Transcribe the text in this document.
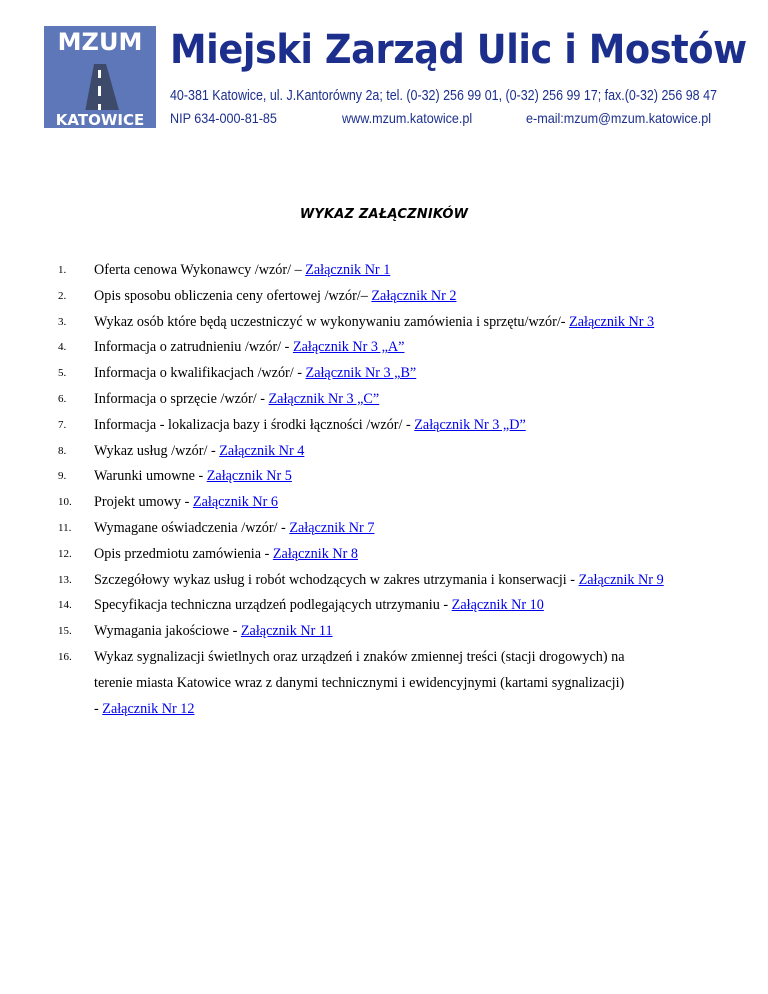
MZUM
KATOWICE
Miejski Zarząd Ulic i Mostów
40-381 Katowice, ul. J.Kantorówny 2a; tel. (0-32) 256 99 01, (0-32) 256 99 17; fax.(0-32) 256 98 47
NIP 634-000-81-85	www.mzum.katowice.pl	e-mail:mzum@mzum.katowice.pl
WYKAZ ZAŁĄCZNIKÓW
1. Oferta cenowa Wykonawcy /wzór/ – Załącznik Nr 1
2. Opis sposobu obliczenia ceny ofertowej /wzór/– Załącznik Nr 2
3. Wykaz osób które będą uczestniczyć w wykonywaniu zamówienia i sprzętu/wzór/- Załącznik Nr 3
4. Informacja o zatrudnieniu /wzór/ - Załącznik Nr 3 „A”
5. Informacja o kwalifikacjach /wzór/ - Załącznik Nr 3 „B”
6. Informacja o sprzęcie /wzór/ - Załącznik Nr 3 „C”
7. Informacja - lokalizacja bazy i środki łączności /wzór/ - Załącznik Nr 3 „D”
8. Wykaz usług /wzór/ - Załącznik Nr 4
9. Warunki umowne - Załącznik Nr 5
10. Projekt umowy - Załącznik Nr 6
11. Wymagane oświadczenia /wzór/ - Załącznik Nr 7
12. Opis przedmiotu zamówienia - Załącznik Nr 8
13. Szczegółowy wykaz usług i robót wchodzących w zakres utrzymania i konserwacji - Załącznik Nr 9
14. Specyfikacja techniczna urządzeń podlegających utrzymaniu - Załącznik Nr 10
15. Wymagania jakościowe - Załącznik Nr 11
16. Wykaz sygnalizacji świetlnych oraz urządzeń i znaków zmiennej treści (stacji drogowych) na
terenie miasta Katowice wraz z danymi technicznymi i ewidencyjnymi (kartami sygnalizacji)
- Załącznik Nr 12
